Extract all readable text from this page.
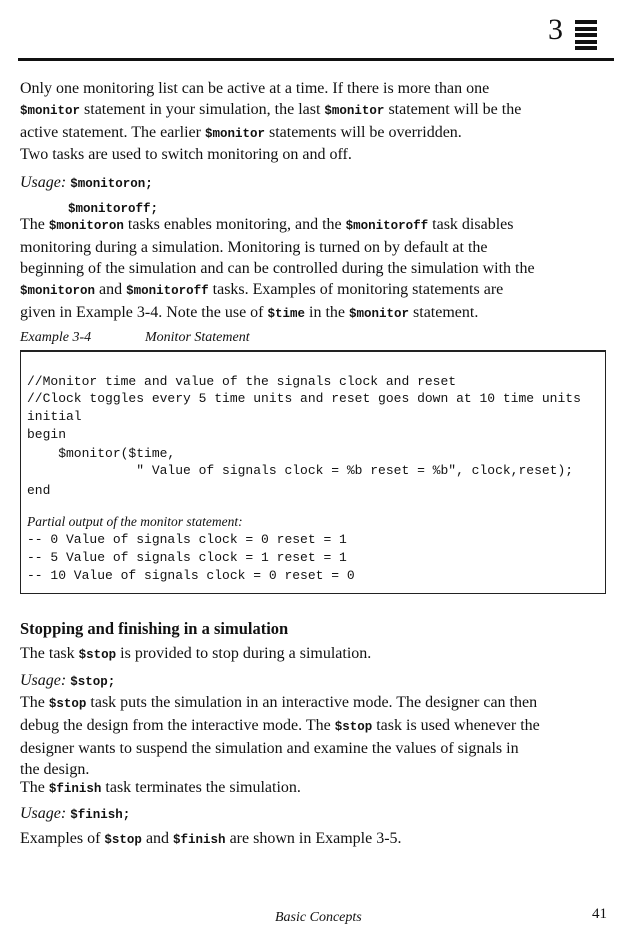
3
Only one monitoring list can be active at a time. If there is more than one
$monitor statement in your simulation, the last $monitor statement will be the
active statement. The earlier $monitor statements will be overridden.
Two tasks are used to switch monitoring on and off.
Usage: $monitoron;
$monitoroff;
The $monitoron tasks enables monitoring, and the $monitoroff task disables
monitoring during a simulation. Monitoring is turned on by default at the
beginning of the simulation and can be controlled during the simulation with the
$monitoron and $monitoroff tasks. Examples of monitoring statements are
given in Example 3-4. Note the use of $time in the $monitor statement.
Example 3-4	Monitor Statement
//Monitor time and value of the signals clock and reset
//Clock toggles every 5 time units and reset goes down at 10 time units
initial
begin
$monitor($time,
" Value of signals clock = %b reset = %b", clock,reset);
end
Partial output of the monitor statement:
-- 0 Value of signals clock = 0 reset = 1
-- 5 Value of signals clock = 1 reset = 1
-- 10 Value of signals clock = 0 reset = 0
Stopping and finishing in a simulation
The task $stop is provided to stop during a simulation.
Usage: $stop;
The $stop task puts the simulation in an interactive mode. The designer can then
debug the design from the interactive mode. The $stop task is used whenever the
designer wants to suspend the simulation and examine the values of signals in
the design.
The $finish task terminates the simulation.
Usage: $finish;
Examples of $stop and $finish are shown in Example 3-5.
Basic Concepts	41
